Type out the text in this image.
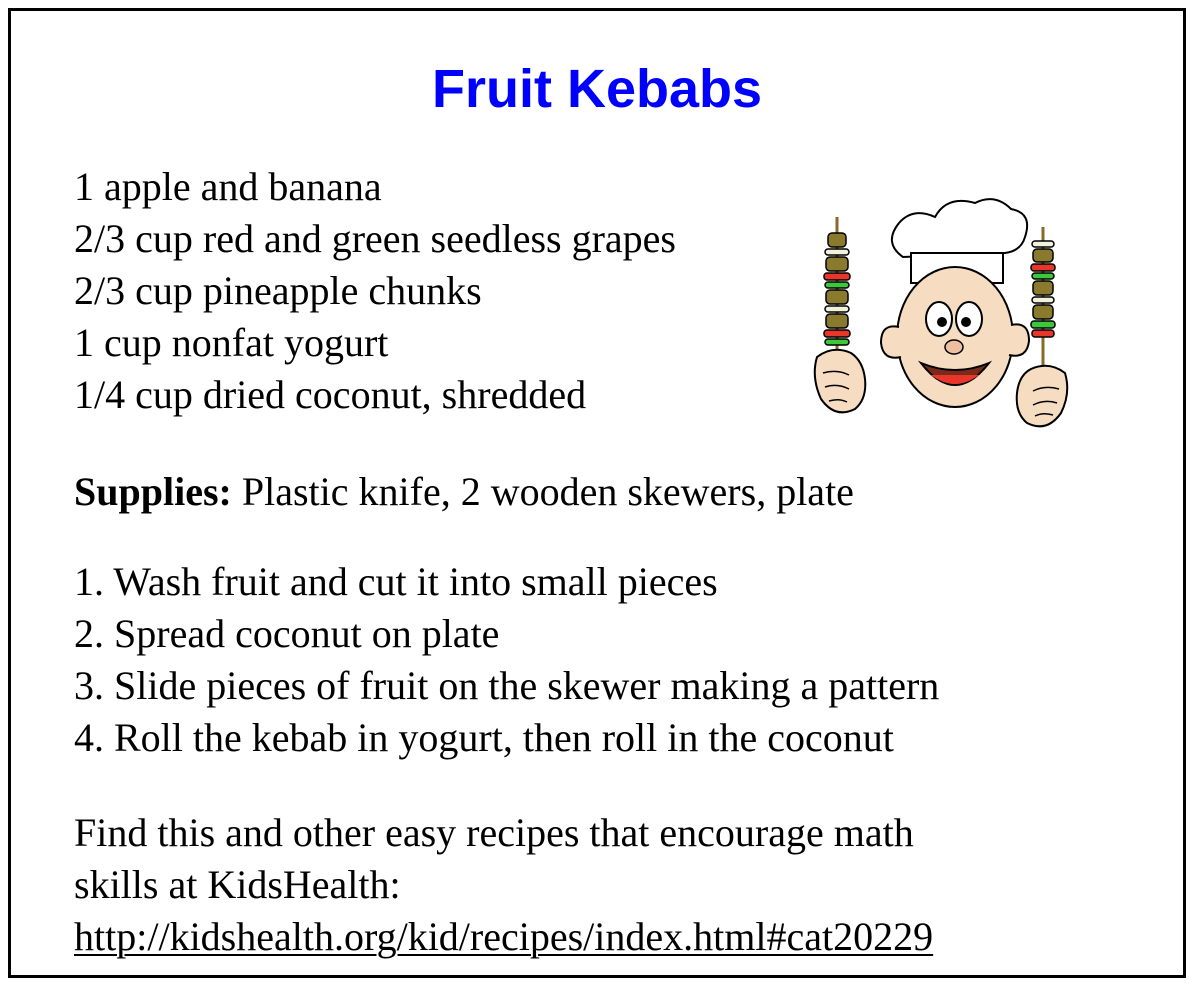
Fruit Kebabs
1 apple and banana
2/3 cup red and green seedless grapes
2/3 cup pineapple chunks
1 cup nonfat yogurt
1/4 cup dried coconut, shredded

Supplies: Plastic knife, 2 wooden skewers, plate

1. Wash fruit and cut it into small pieces
2. Spread coconut on plate
3. Slide pieces of fruit on the skewer making a pattern
4. Roll the kebab in yogurt, then roll in the coconut

Find this and other easy recipes that encourage math
skills at KidsHealth:
http://kidshealth.org/kid/recipes/index.html#cat20229
